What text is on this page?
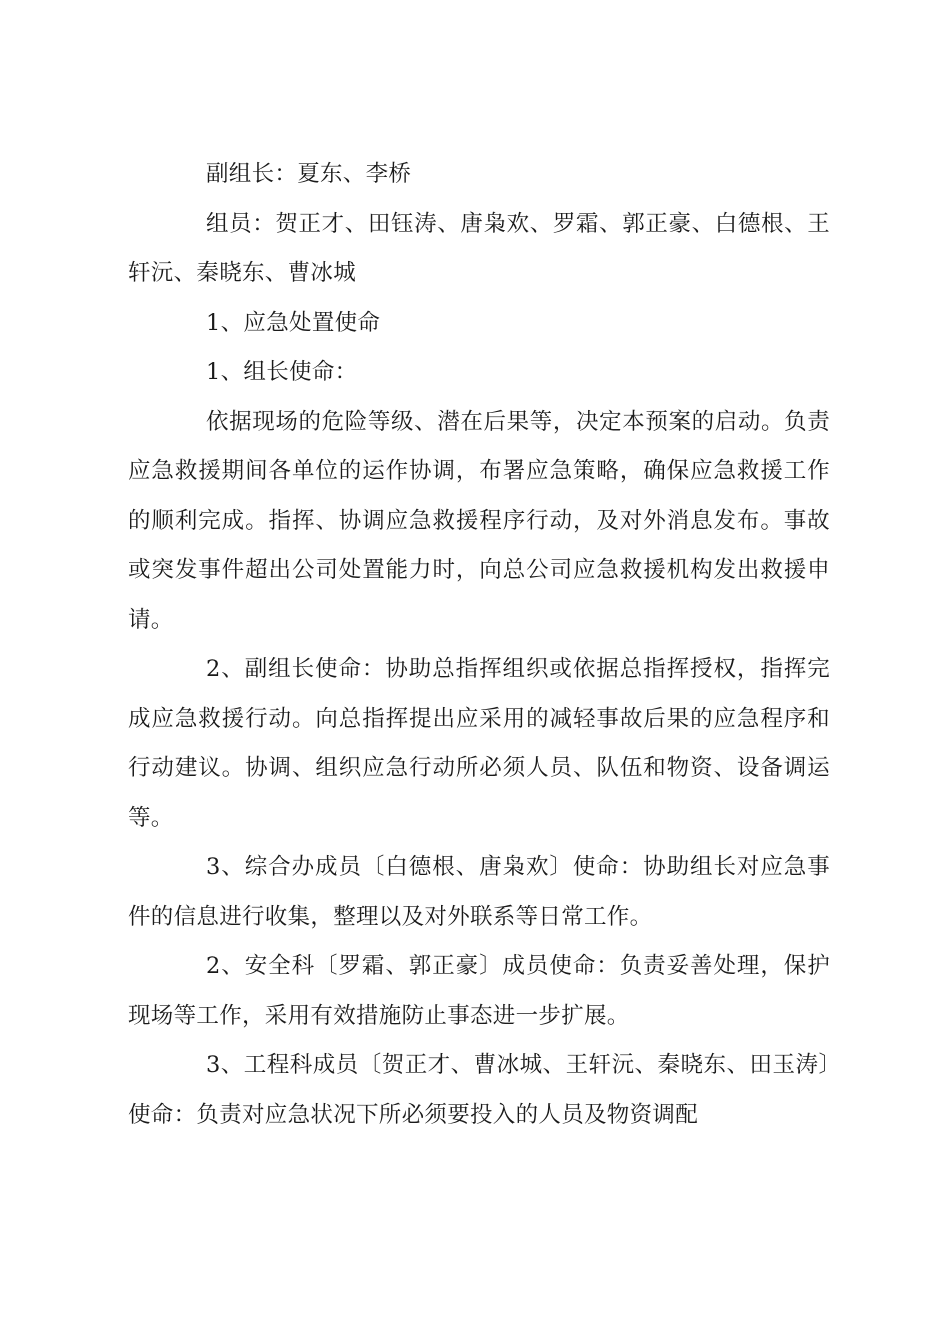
副组长：夏东、李桥

组员：贺正才、田钰涛、唐枭欢、罗霜、郭正豪、白德根、王轩沅、秦晓东、曹冰城

1、应急处置使命

1、组长使命：

依据现场的危险等级、潜在后果等，决定本预案的启动。负责应急救援期间各单位的运作协调，布署应急策略，确保应急救援工作的顺利完成。指挥、协调应急救援程序行动，及对外消息发布。事故或突发事件超出公司处置能力时，向总公司应急救援机构发出救援申请。

2、副组长使命：协助总指挥组织或依据总指挥授权，指挥完成应急救援行动。向总指挥提出应采用的减轻事故后果的应急程序和行动建议。协调、组织应急行动所必须人员、队伍和物资、设备调运等。

3、综合办成员〔白德根、唐枭欢〕使命：协助组长对应急事件的信息进行收集，整理以及对外联系等日常工作。

2、安全科〔罗霜、郭正豪〕成员使命：负责妥善处理，保护现场等工作，采用有效措施防止事态进一步扩展。

3、工程科成员〔贺正才、曹冰城、王轩沅、秦晓东、田玉涛〕使命：负责对应急状况下所必须要投入的人员及物资调配
